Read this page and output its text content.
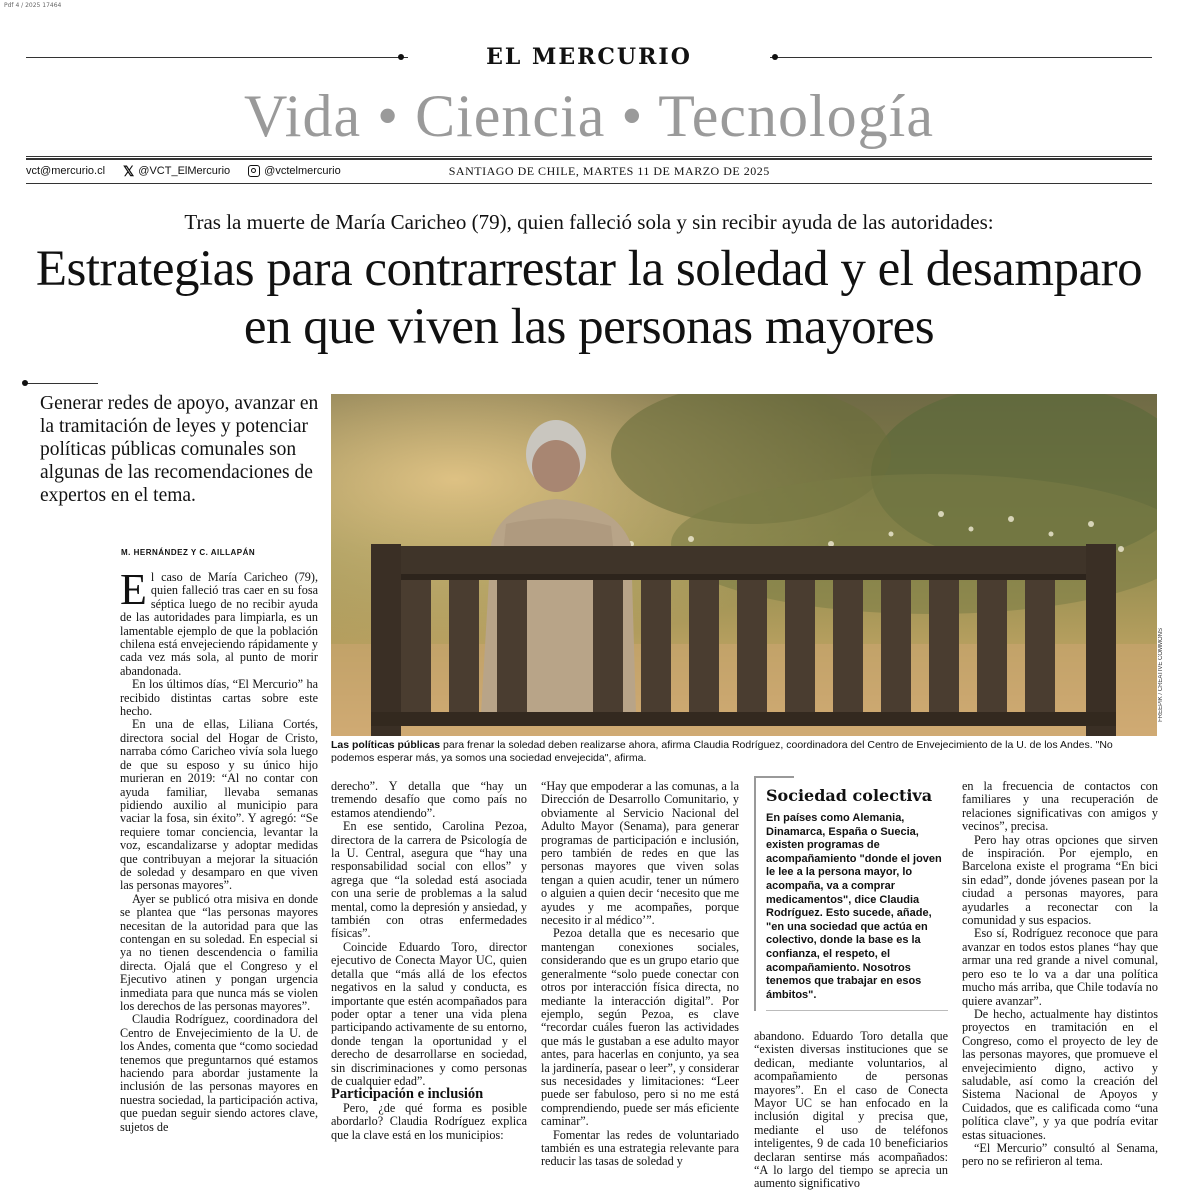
Pdf 4 / 2025 17464
EL MERCURIO
Vida • Ciencia • Tecnología
vct@mercurio.cl 𝕏 @VCT_ElMercurio	@vctelmercurio	SANTIAGO DE CHILE, MARTES 11 DE MARZO DE 2025
Tras la muerte de María Caricheo (79), quien falleció sola y sin recibir ayuda de las autoridades:
Estrategias para contrarrestar la soledad y el desamparo en que viven las personas mayores
Generar redes de apoyo, avanzar en la tramitación de leyes y potenciar políticas públicas comunales son algunas de las recomendaciones de expertos en el tema.
M. HERNÁNDEZ Y C. AILLAPÁN
FREEPIK / CREATIVE COMMONS
Las políticas públicas para frenar la soledad deben realizarse ahora, afirma Claudia Rodríguez, coordinadora del Centro de Envejecimiento de la U. de los Andes. "No podemos esperar más, ya somos una sociedad envejecida", afirma.

El caso de María Caricheo (79), quien falleció tras caer en su fosa séptica luego de no recibir ayuda de las autoridades para limpiarla, es un lamentable ejemplo de que la población chilena está envejeciendo rápidamente y cada vez más sola, al punto de morir abandonada.

En los últimos días, “El Mercurio” ha recibido distintas cartas sobre este hecho.

En una de ellas, Liliana Cortés, directora social del Hogar de Cristo, narraba cómo Caricheo vivía sola luego de que su esposo y su único hijo murieran en 2019: “Al no contar con ayuda familiar, llevaba semanas pidiendo auxilio al municipio para vaciar la fosa, sin éxito”. Y agregó: “Se requiere tomar conciencia, levantar la voz, escandalizarse y adoptar medidas que contribuyan a mejorar la situación de soledad y desamparo en que viven las personas mayores”.

Ayer se publicó otra misiva en donde se plantea que “las personas mayores necesitan de la autoridad para que las contengan en su soledad. En especial si ya no tienen descendencia o familia directa. Ojalá que el Congreso y el Ejecutivo atinen y pongan urgencia inmediata para que nunca más se violen los derechos de las personas mayores”.

Claudia Rodríguez, coordinadora del Centro de Envejecimiento de la U. de los Andes, comenta que “como sociedad tenemos que preguntarnos qué estamos haciendo para abordar justamente la inclusión de las personas mayores en nuestra sociedad, la participación activa, que puedan seguir siendo actores clave, sujetos de

derecho”. Y detalla que “hay un tremendo desafío que como país no estamos atendiendo”.

En ese sentido, Carolina Pezoa, directora de la carrera de Psicología de la U. Central, asegura que “hay una responsabilidad social con ellos” y agrega que “la soledad está asociada con una serie de problemas a la salud mental, como la depresión y ansiedad, y también con otras enfermedades físicas”.

Coincide Eduardo Toro, director ejecutivo de Conecta Mayor UC, quien detalla que “más allá de los efectos negativos en la salud y conducta, es importante que estén acompañados para poder optar a tener una vida plena participando activamente de su entorno, donde tengan la oportunidad y el derecho de desarrollarse en sociedad, sin discriminaciones y como personas de cualquier edad”.

Participación e inclusión

Pero, ¿de qué forma es posible abordarlo? Claudia Rodríguez explica que la clave está en los municipios:

“Hay que empoderar a las comunas, a la Dirección de Desarrollo Comunitario, y obviamente al Servicio Nacional del Adulto Mayor (Senama), para generar programas de participación e inclusión, pero también de redes en que las personas mayores que viven solas tengan a quien acudir, tener un número o alguien a quien decir ‘necesito que me ayudes y me acompañes, porque necesito ir al médico’”.

Pezoa detalla que es necesario que mantengan conexiones sociales, considerando que es un grupo etario que generalmente “solo puede conectar con otros por interacción física directa, no mediante la interacción digital”. Por ejemplo, según Pezoa, es clave “recordar cuáles fueron las actividades que más le gustaban a ese adulto mayor antes, para hacerlas en conjunto, ya sea la jardinería, pasear o leer”, y considerar sus necesidades y limitaciones: “Leer puede ser fabuloso, pero si no me está comprendiendo, puede ser más eficiente caminar”.

Fomentar las redes de voluntariado también es una estrategia relevante para reducir las tasas de soledad y

Sociedad colectiva
En países como Alemania, Dinamarca, España o Suecia, existen programas de acompañamiento "donde el joven le lee a la persona mayor, lo acompaña, va a comprar medicamentos", dice Claudia Rodríguez. Esto sucede, añade, "en una sociedad que actúa en colectivo, donde la base es la confianza, el respeto, el acompañamiento. Nosotros tenemos que trabajar en esos ámbitos".

abandono. Eduardo Toro detalla que “existen diversas instituciones que se dedican, mediante voluntarios, al acompañamiento de personas mayores”. En el caso de Conecta Mayor UC se han enfocado en la inclusión digital y precisa que, mediante el uso de teléfonos inteligentes, 9 de cada 10 beneficiarios declaran sentirse más acompañados: “A lo largo del tiempo se aprecia un aumento significativo

en la frecuencia de contactos con familiares y una recuperación de relaciones significativas con amigos y vecinos”, precisa.

Pero hay otras opciones que sirven de inspiración. Por ejemplo, en Barcelona existe el programa “En bici sin edad”, donde jóvenes pasean por la ciudad a personas mayores, para ayudarles a reconectar con la comunidad y sus espacios.

Eso sí, Rodríguez reconoce que para avanzar en todos estos planes “hay que armar una red grande a nivel comunal, pero eso te lo va a dar una política mucho más arriba, que Chile todavía no quiere avanzar”.

De hecho, actualmente hay distintos proyectos en tramitación en el Congreso, como el proyecto de ley de las personas mayores, que promueve el envejecimiento digno, activo y saludable, así como la creación del Sistema Nacional de Apoyos y Cuidados, que es calificada como “una política clave”, y ya que podría evitar estas situaciones.

“El Mercurio” consultó al Senama, pero no se refirieron al tema.
